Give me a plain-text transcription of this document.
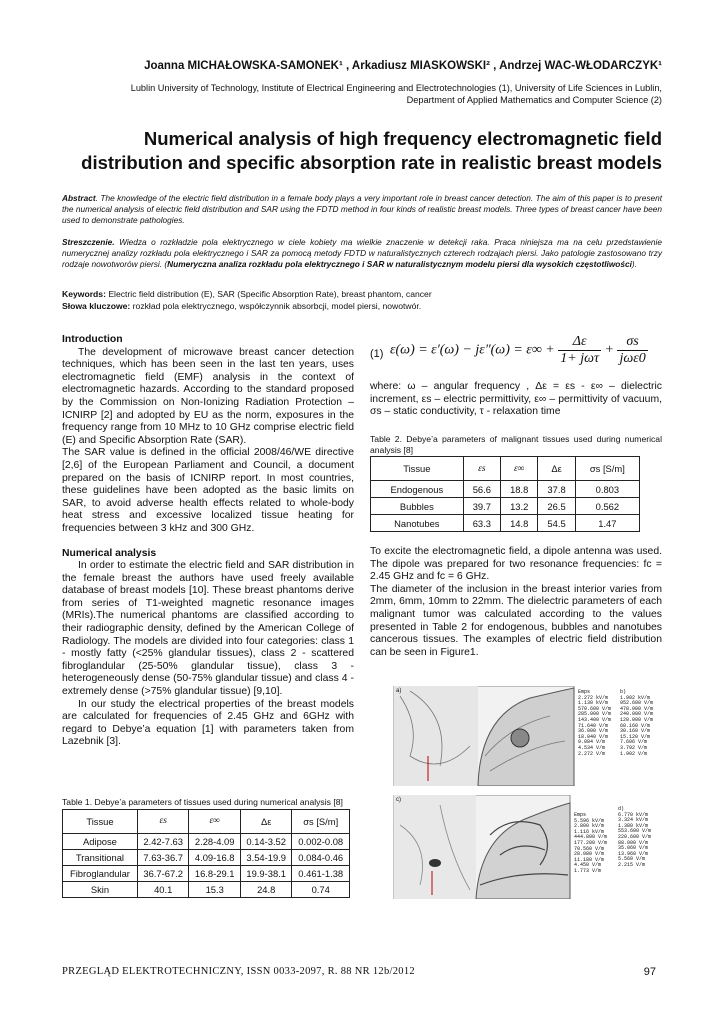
Joanna MICHAŁOWSKA-SAMONEK¹ , Arkadiusz MIASKOWSKI² , Andrzej WAC-WŁODARCZYK¹
Lublin University of Technology, Institute of Electrical Engineering and Electrotechnologies (1), University of Life Sciences in Lublin,
Department of Applied Mathematics and Computer Science (2)
Numerical analysis of high frequency electromagnetic field
distribution and specific absorption rate in realistic breast models
Abstract. The knowledge of the electric field distribution in a female body plays a very important role in breast cancer detection. The aim of this paper is to present the numerical analysis of electric field distribution and SAR using the FDTD method in four kinds of realistic breast models. Three types of breast cancer have been used to demonstrate pathologies.
Streszczenie. Wiedza o rozkładzie pola elektrycznego w ciele kobiety ma wielkie znaczenie w detekcji raka. Praca niniejsza ma na celu przedstawienie numerycznej analizy rozkładu pola elektrycznego i SAR za pomocą metody FDTD w naturalistycznych czterech rodzajach piersi. Jako patologie zastosowano trzy rodzaje nowotworów piersi. (Numeryczna analiza rozkładu pola elektrycznego i SAR w naturalistycznym modelu piersi dla wysokich częstotliwości).
Keywords: Electric field distribution (E), SAR (Specific Absorption Rate), breast phantom, cancer
Słowa kluczowe: rozkład pola elektrycznego, współczynnik absorbcji, model piersi, nowotwór.
Introduction

The development of microwave breast cancer detection techniques, which has been seen in the last ten years, uses electromagnetic field (EMF) analysis in the context of electromagnetic hazards. According to the standard proposed by the Commission on Non-Ionizing Radiation Protection – ICNIRP [2] and adopted by EU as the norm, exposures in the frequency range from 10 MHz to 10 GHz comprise electric field (E) and Specific Absorption Rate (SAR).

The SAR value is defined in the official 2008/46/WE directive [2,6] of the European Parliament and Council, a document prepared on the basis of ICNIRP report. In most countries, these guidelines have been adopted as the basic limits on SAR, to avoid adverse health effects related to whole-body heat stress and excessive localized tissue heating for frequencies between 3 kHz and 300 GHz.

Numerical analysis

In order to estimate the electric field and SAR distribution in the female breast the authors have used freely available database of breast models [10]. These breast phantoms derive from series of T1-weighted magnetic resonance images (MRIs).The numerical phantoms are classified according to their radiographic density, defined by the American College of Radiology. The models are divided into four categories: class 1 - mostly fatty (<25% glandular tissues), class 2 - scattered fibroglandular (25-50% glandular tissue), class 3 - heterogeneously dense (50-75% glandular tissue) and class 4 - extremely dense (>75% glandular tissue) [9,10].

In our study the electrical properties of the breast models are calculated for frequencies of 2.45 GHz and 6GHz with regard to Debye’a equation [1] with parameters taken from Lazebnik [3].

Table 1. Debye’a parameters of tissues used during numerical analysis [8]
Tissue	εs	ε∞	Δε	σs [S/m]
Adipose	2.42-7.63	2.28-4.09	0.14-3.52	0.002-0.08
Transitional	7.63-36.7	4.09-16.8	3.54-19.9	0.084-0.46
Fibroglandular	36.7-67.2	16.8-29.1	19.9-38.1	0.461-1.38
Skin	40.1	15.3	24.8	0.74
(1) $\varepsilon(\omega) = \varepsilon'(\omega) - j\varepsilon''(\omega) = \varepsilon\infty + \frac{\Delta\varepsilon}{\text{1+ jωτ}} + \frac{\sigma s}{\text{jωε0}}$
where: ω – angular frequency , Δε = εs - ε∞ – dielectric increment, εs – electric permittivity, ε∞ – permittivity of vacuum, σs – static conductivity, τ - relaxation time
Table 2. Debye’a parameters of malignant tissues used during numerical analysis [8]
Tissue	εs	ε∞	Δε	σs [S/m]
Endogenous	56.6	18.8	37.8	0.803
Bubbles	39.7	13.2	26.5	0.562
Nanotubes	63.3	14.8	54.5	1.47

To excite the electromagnetic field, a dipole antenna was used. The dipole was prepared for two resonance frequencies: fc = 2.45 GHz and fc = 6 GHz.

The diameter of the inclusion in the breast interior varies from 2mm, 6mm, 10mm to 22mm. The dielectric parameters of each malignant tumor was calculated according to the values presented in Table 2 for endogenous, bubbles and nanotubes cancerous tissues. The examples of electric field distribution can be seen in Figure1.

a)	Emps
2.272 kV/m
1.130 kV/m
570.600 V/m
285.000 V/m
143.400 V/m
71.640 V/m
36.000 V/m
18.040 V/m
9.084 V/m
4.534 V/m
2.272 V/m
b)
1.902 kV/m
952.600 V/m
478.000 V/m
240.000 V/m
120.000 V/m
60.160 V/m
30.160 V/m
15.120 V/m
7.606 V/m
3.792 V/m
1.902 V/m
c)
Emps
5.596 kV/m
2.800 kV/m
1.116 kV/m
444.800 V/m
177.200 V/m
70.560 V/m
28.080 V/m
11.180 V/m
4.450 V/m
1.773 V/m
d)
6.770 kV/m
3.324 kV/m
1.380 kV/m
553.600 V/m
220.600 V/m
88.000 V/m
35.060 V/m
13.960 V/m
5.560 V/m
2.215 V/m
PRZEGLĄD ELEKTROTECHNICZNY, ISSN 0033-2097, R. 88 NR 12b/2012	97
